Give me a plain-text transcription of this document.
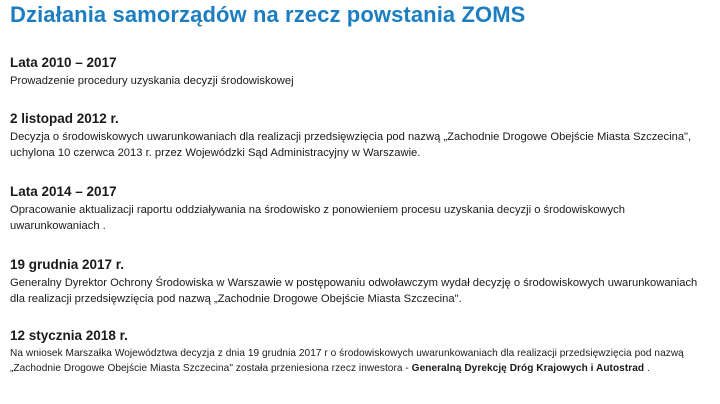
Działania samorządów na rzecz powstania ZOMS

Lata 2010 – 2017

Prowadzenie procedury uzyskania decyzji środowiskowej

2 listopad 2012 r.

Decyzja o środowiskowych uwarunkowaniach dla realizacji przedsięwzięcia pod nazwą „Zachodnie Drogowe Obejście Miasta Szczecina", uchylona 10 czerwca 2013 r. przez Wojewódzki Sąd Administracyjny w Warszawie.

Lata 2014 – 2017

Opracowanie aktualizacji raportu oddziaływania na środowisko z ponowieniem procesu uzyskania decyzji o środowiskowych uwarunkowaniach .

19 grudnia 2017 r.

Generalny Dyrektor Ochrony Środowiska w Warszawie w postępowaniu odwoławczym wydał decyzję o środowiskowych uwarunkowaniach dla realizacji przedsięwzięcia pod nazwą „Zachodnie Drogowe Obejście Miasta Szczecina".

12 stycznia 2018 r.

Na wniosek Marszałka Województwa decyzja z dnia 19 grudnia 2017 r o środowiskowych uwarunkowaniach dla realizacji przedsięwzięcia pod nazwą „Zachodnie Drogowe Obejście Miasta Szczecina" została przeniesiona rzecz inwestora - Generalną Dyrekcję Dróg Krajowych i Autostrad .
